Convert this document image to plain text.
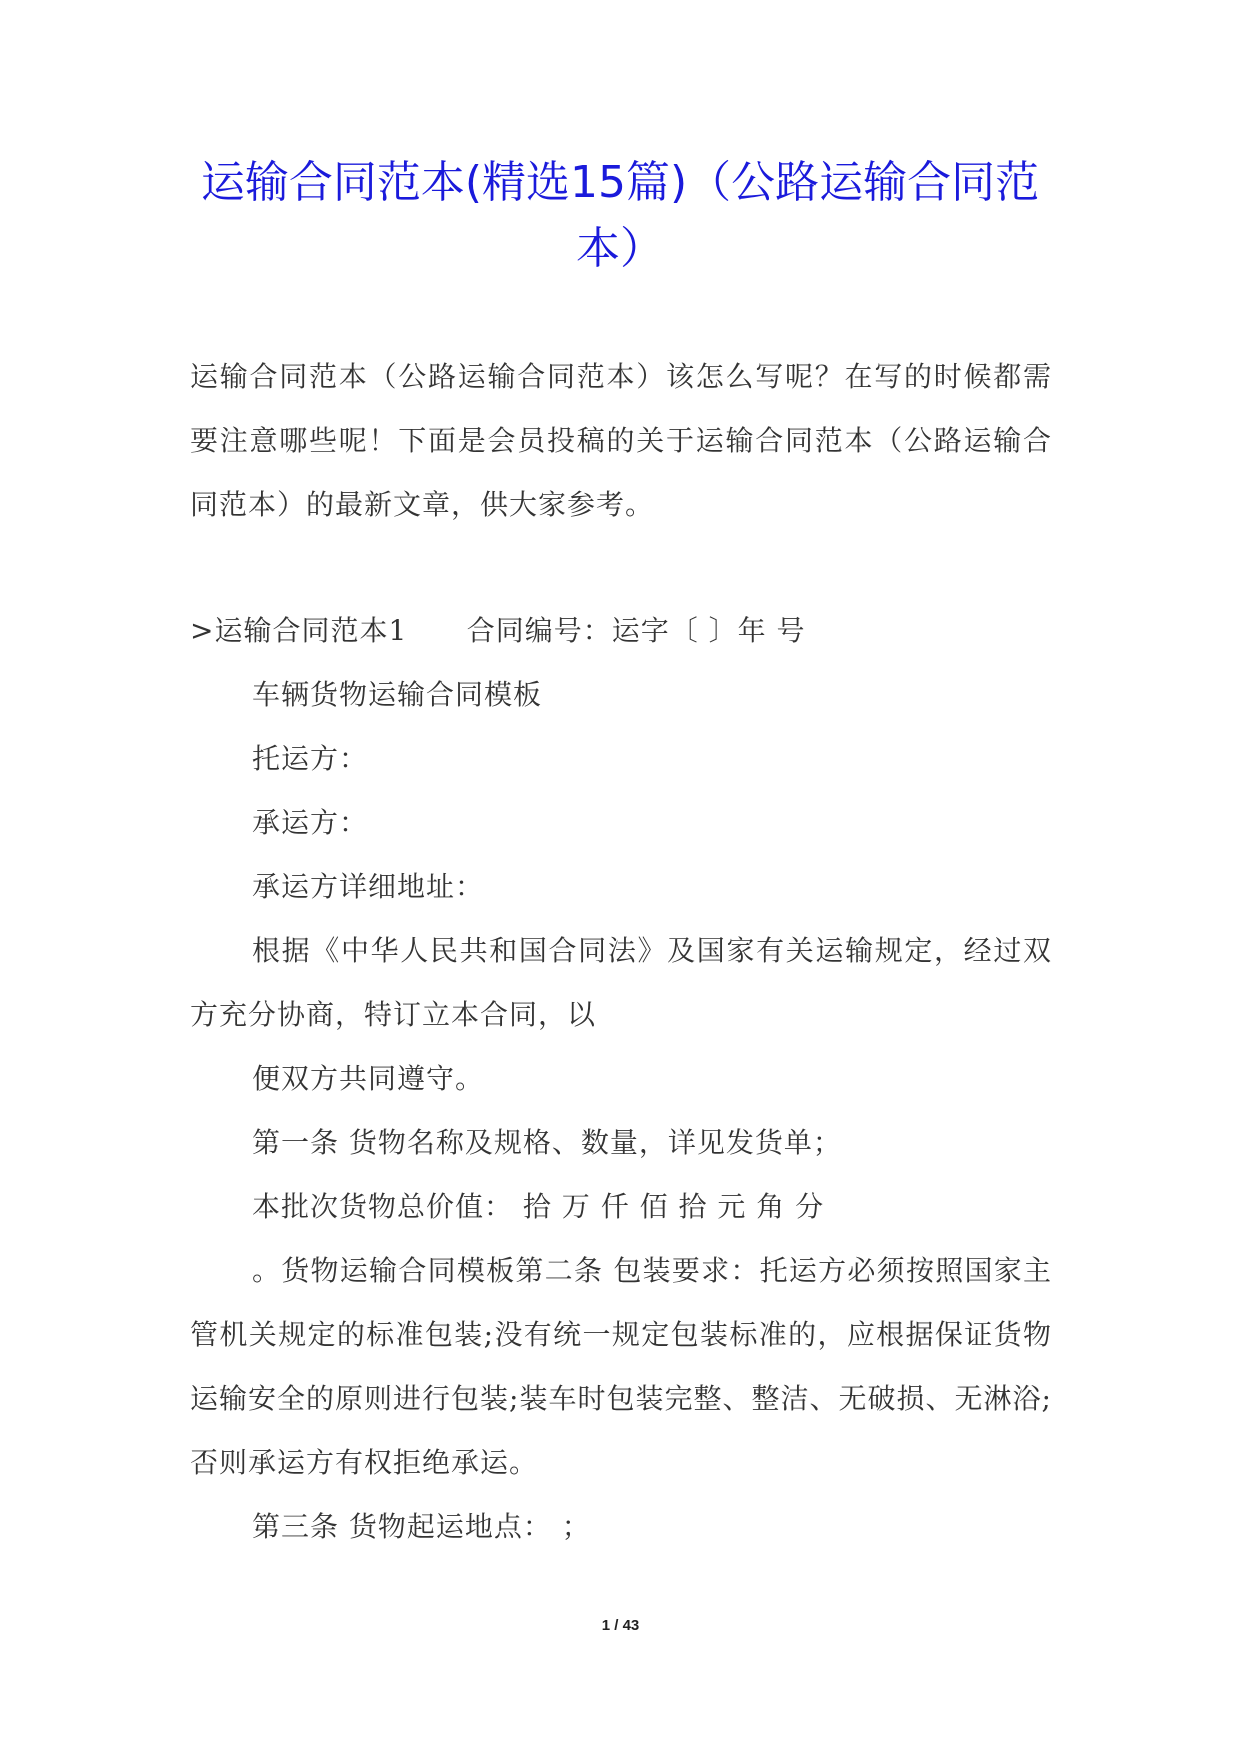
运输合同范本(精选15篇)（公路运输合同范本）

运输合同范本（公路运输合同范本）该怎么写呢？在写的时候都需要注意哪些呢！下面是会员投稿的关于运输合同范本（公路运输合同范本）的最新文章，供大家参考。

>运输合同范本1 合同编号：运字〔 〕年 号

车辆货物运输合同模板

托运方：

承运方：

承运方详细地址：

根据《中华人民共和国合同法》及国家有关运输规定，经过双方充分协商，特订立本合同，以

便双方共同遵守。

第一条 货物名称及规格、数量，详见发货单；

本批次货物总价值： 拾 万 仟 佰 拾 元 角 分

。货物运输合同模板第二条 包装要求：托运方必须按照国家主管机关规定的标准包装;没有统一规定包装标准的，应根据保证货物运输安全的原则进行包装;装车时包装完整、整洁、无破损、无淋浴;否则承运方有权拒绝承运。

第三条 货物起运地点： ；

1 / 43
